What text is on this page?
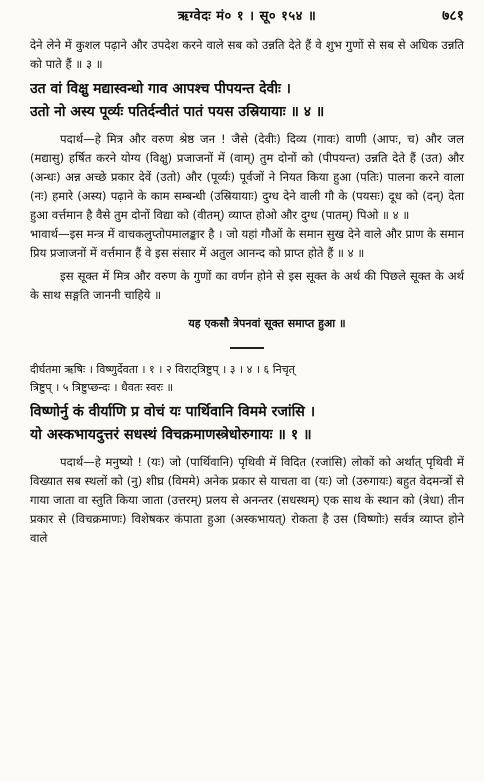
ऋग्वेदः मं० १ । सू० १५४ ॥	७८१

देने लेने में कुशल पढ़ाने और उपदेश करने वाले सब को उन्नति देते हैं वे शुभ गुणों से सब से अधिक उन्नति को पाते हैं ॥ ३ ॥

उत वां विक्षु मद्यास्वन्धो गाव आपश्च पीपयन्त देवीः ।

उतो नो अस्य पूर्व्यः पतिर्दन्वीतं पातं पयस उस्रियायाः ॥ ४ ॥

पदार्थ—हे मित्र और वरुण श्रेष्ठ जन ! जैसे (देवीः) दिव्य (गावः) वाणी (आपः, च) और जल (मद्यासु) हर्षित करने योग्य (विक्षु) प्रजाजनों में (वाम्) तुम दोनों को (पीपयन्त) उन्नति देते हैं (उत) और (अन्धः) अन्न अच्छे प्रकार देवें (उतो) और (पूर्व्यः) पूर्वजों ने नियत किया हुआ (पतिः) पालना करने वाला (नः) हमारे (अस्य) पढ़ाने के काम सम्बन्धी (उस्रियायाः) दुग्ध देने वाली गौ के (पयसः) दूध को (दन्) देता हुआ वर्त्तमान है वैसे तुम दोनों विद्या को (वीतम्) व्याप्त होओ और दुग्ध (पातम्) पिओ ॥ ४ ॥

भावार्थ—इस मन्त्र में वाचकलुप्तोपमालङ्कार है । जो यहां गौओं के समान सुख देने वाले और प्राण के समान प्रिय प्रजाजनों में वर्त्तमान हैं वे इस संसार में अतुल आनन्द को प्राप्त होते हैं ॥ ४ ॥

इस सूक्त में मित्र और वरुण के गुणों का वर्णन होने से इस सूक्त के अर्थ की पिछले सूक्त के अर्थ के साथ सङ्गति जाननी चाहिये ॥

यह एकसौ त्रेपनवां सूक्त समाप्त हुआ ॥

दीर्घतमा ऋषिः । विष्णुर्देवता । १ । २ विराट्त्रिष्टुप् । ३ । ४ । ६ निचृत्

त्रिष्टुप् । ५ त्रिष्टुप्छन्दः । धैवतः स्वरः ॥

विष्णोर्नु कं वीर्याणि प्र वोचं यः पार्थिवानि विममे रजांसि ।

यो अस्कभायदुत्तरं सधस्थं विचक्रमाणस्त्रेधोरुगायः ॥ १ ॥

पदार्थ—हे मनुष्यो ! (यः) जो (पार्थिवानि) पृथिवी में विदित (रजांसि) लोकों को अर्थात् पृथिवी में विख्यात सब स्थलों को (नु) शीघ्र (विममे) अनेक प्रकार से याचता वा (यः) जो (उरुगायः) बहुत वेदमन्त्रों से गाया जाता वा स्तुति किया जाता (उत्तरम्) प्रलय से अनन्तर (सधस्थम्) एक साथ के स्थान को (त्रेधा) तीन प्रकार से (विचक्रमाणः) विशेषकर कंपाता हुआ (अस्कभायत्) रोकता है उस (विष्णोः) सर्वत्र व्याप्त होने वाले
